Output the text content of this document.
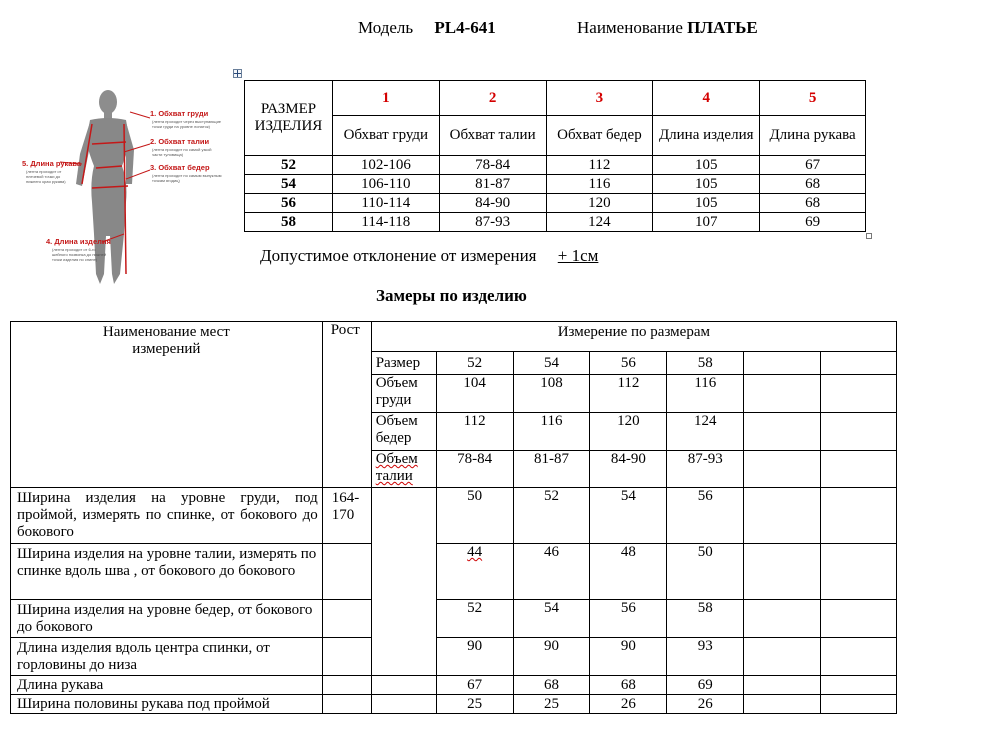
Модель PL4-641	Наименование ПЛАТЬЕ
1. Обхват груди
(лента проходит через выступающие
точки груди на уровне лопаток)
2. Обхват талии
(лента проходит по самой узкой
части туловища)
3. Обхват бедер
(лента проходит по самым выпуклым
точкам ягодиц)
5. Длина рукава
(лента проходит от
плечевой точки до
нижнего края рукава)
4. Длина изделия
(лента проходит от 6-го
шейного позвонка до нижней
точки изделия по спине)
РАЗМЕР ИЗДЕЛИЯ	1	2	3	4	5
	Обхват груди	Обхват талии	Обхват бедер	Длина изделия	Длина рукава
52	102-106	78-84	112	105	67
54	106-110	81-87	116	105	68
56	110-114	84-90	120	105	68
58	114-118	87-93	124	107	69
Допустимое отклонение от измерения + 1см
Замеры по изделию
Наименование мест измерений	Рост	Измерение по размерам						
		Размер	52	54	56	58		
		Объем груди	104	108	112	116		
		Объем бедер	112	116	120	124		
		Объем талии	78-84	81-87	84-90	87-93		
Ширина изделия на уровне груди, под проймой, измерять по спинке, от бокового до бокового	164-170		50	52	54	56		
Ширина изделия на уровне талии, измерять по спинке вдоль шва , от бокового до бокового			44	46	48	50		
Ширина изделия на уровне бедер, от бокового до бокового			52	54	56	58		
Длина изделия вдоль центра спинки, от горловины до низа			90	90	90	93		
Длина рукава			67	68	68	69		
Ширина половины рукава под проймой			25	25	26	26		
